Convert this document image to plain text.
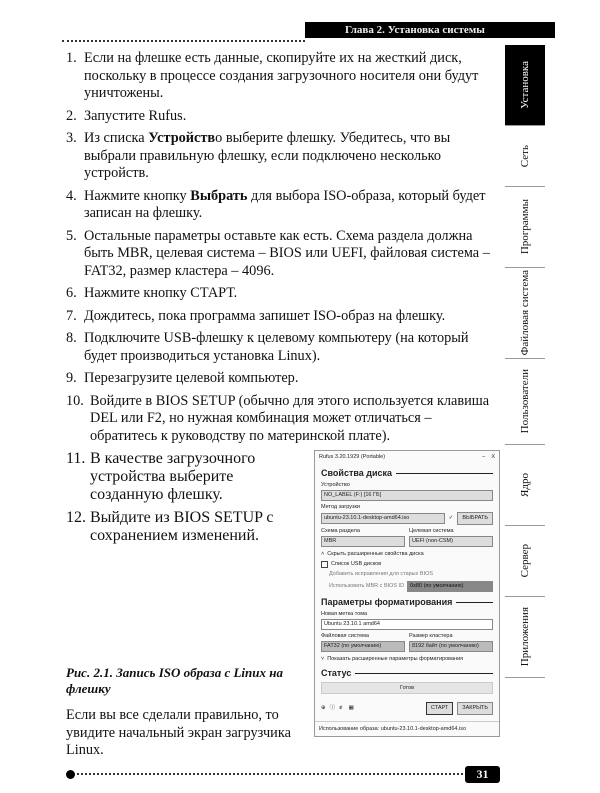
Глава 2. Установка системы
Установка
Сеть
Программы
Файловая система
Пользователи
Ядро
Сервер
Приложения
1. Если на флешке есть данные, скопируйте их на жесткий диск, поскольку в процессе создания загрузочного носителя они будут уничтожены.
2. Запустите Rufus.
3. Из списка Устройство выберите флешку. Убедитесь, что вы выбрали правильную флешку, если подключено несколько устройств.
4. Нажмите кнопку Выбрать для выбора ISO-образа, который будет записан на флешку.
5. Остальные параметры оставьте как есть. Схема раздела должна быть MBR, целевая система – BIOS или UEFI, файловая система – FAT32, размер кластера – 4096.
6. Нажмите кнопку СТАРТ.
7. Дождитесь, пока программа запишет ISO-образ на флешку.
8. Подключите USB-флешку к целевому компьютеру (на который будет производиться установка Linux).
9. Перезагрузите целевой компьютер.
10. Войдите в BIOS SETUP (обычно для этого используется клавиша DEL или F2, но нужная комбинация может отличаться – обратитесь к руководству по материнской плате).
11. В качестве загрузочного устройства выберите созданную флешку.
12. Выйдите из BIOS SETUP с сохранением изменений.
Рис. 2.1. Запись ISO образа с Linux на флешку
Если вы все сделали правильно, то увидите начальный экран загрузчика Linux.
Rufus 3.20.1929 (Portable)	– X
Свойства диска
Устройство
NO_LABEL (F:) [16 ГБ]
Метод загрузки
ubuntu-23.10.1-desktop-amd64.iso	✓	ВЫБРАТЬ
Схема раздела
MBR
Целевая система
UEFI (non-CSM)
˄ Скрыть расширенные свойства диска
Список USB дисков
Добавить исправления для старых BIOS
Использовать MBR с BIOS ID	0x80 (по умолчанию)
Параметры форматирования
Новая метка тома
Ubuntu 23.10.1 amd64
Файловая система
FAT32 (по умолчанию)
Размер кластера
8192 байт (по умолчанию)
˅ Показать расширенные параметры форматирования
Статус
Готов
⊕ ⓘ ≢ ▦	СТАРТ	ЗАКРЫТЬ
Использование образа: ubuntu-23.10.1-desktop-amd64.iso
31
